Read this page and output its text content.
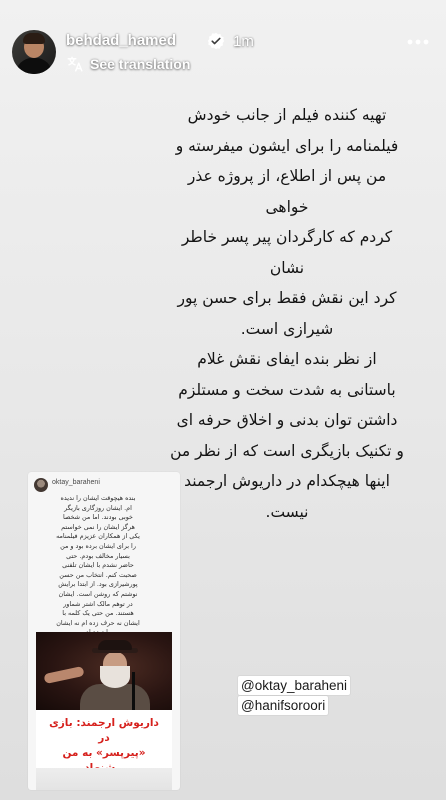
behdad_hamed	1m
See translation
تهیه کننده فیلم از جانب خودش
فیلمنامه را برای ایشون میفرسته و
من پس از اطلاع، از پروژه عذر خواهی
کردم که کارگردان پیر پسر خاطر نشان
کرد این نقش فقط برای حسن پور
شیرازی است.
از نظر بنده ایفای نقش غلام
باستانی به شدت سخت و مستلزم
داشتن توان بدنی و اخلاق حرفه ای
و تکنیک بازیگری است که از نظر من
اینها هیچکدام در داریوش ارجمند
نیست.
oktay_baraheni
بنده هیچوقت ایشان را ندیده
ام. ایشان روزگاری بازیگر
خوبی بودند. اما من شخصا
هرگز ایشان را نمی خواستم
یکی از همکاران عزیزم فیلمنامه
را برای ایشان برده بود و من
بسیار مخالف بودم. حتی
حاضر نشدم با ایشان تلفنی
صحبت کنم. انتخاب من حسن
پورشیرازی بود. از ابتدا برایش
نوشتم که روشن است. ایشان
در توهم مالک اشتر شماور
هستند. من حتی یک کلمه با
ایشان نه حرف زده ام نه ایشان
داریوش ارجمند: بازی در
«پیرپسر» به من
@oktay_baraheni
@hanifsoroori
